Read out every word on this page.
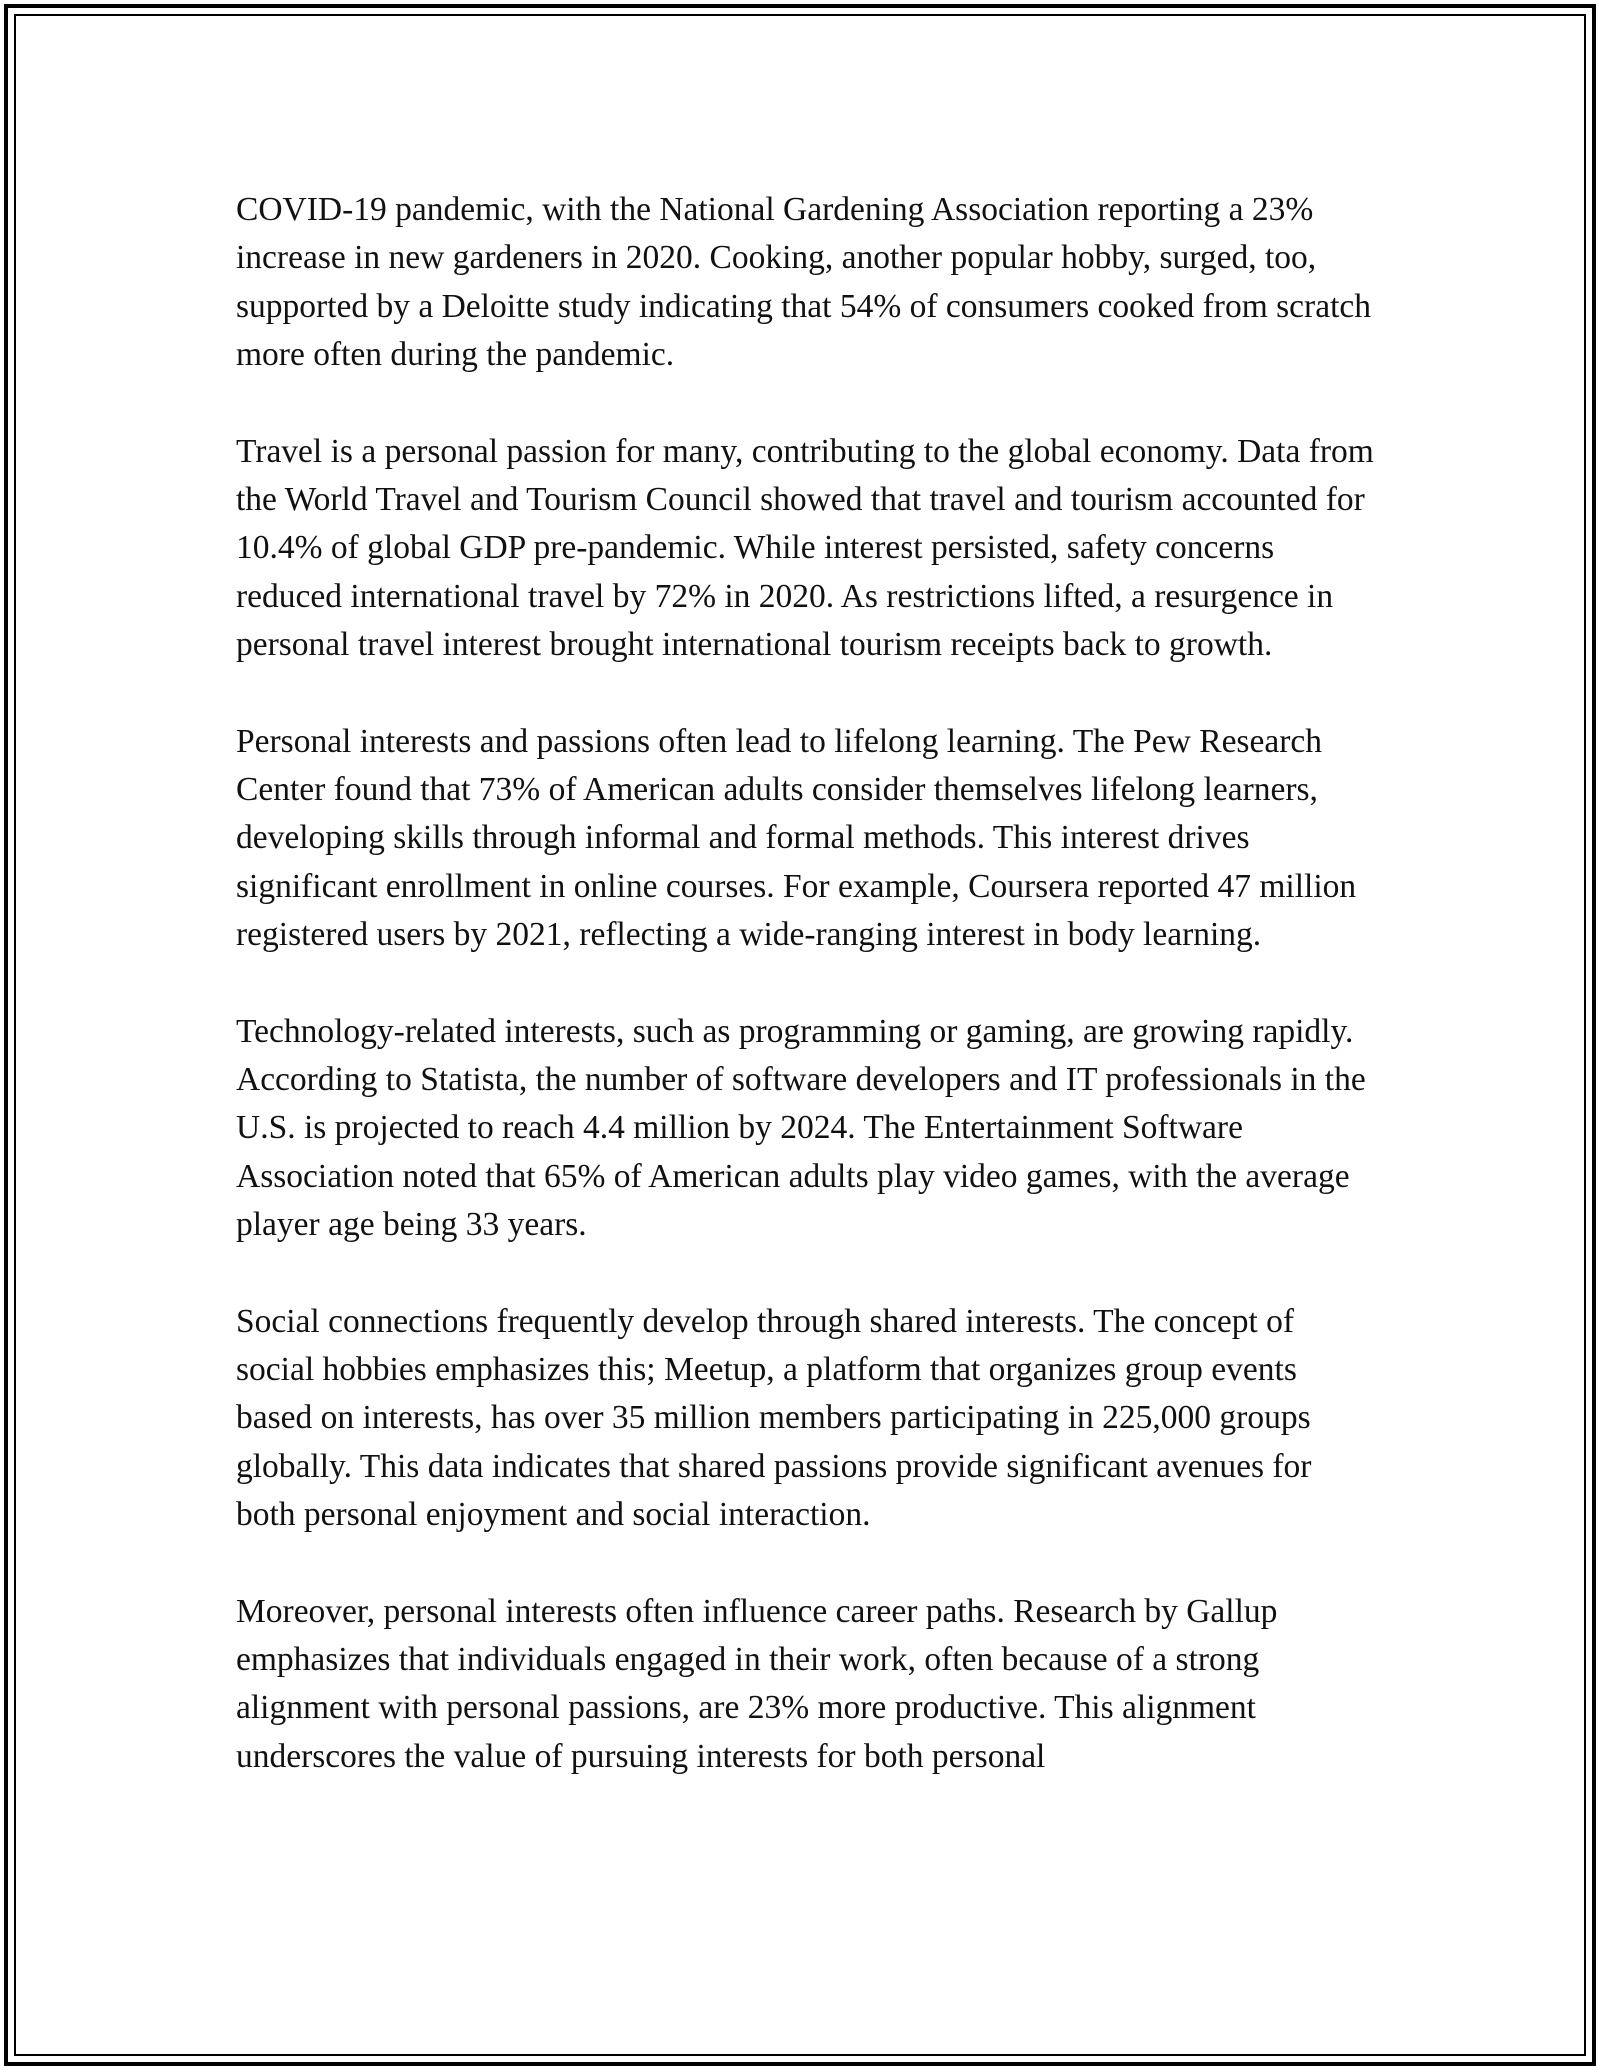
COVID-19 pandemic, with the National Gardening Association reporting a 23% increase in new gardeners in 2020. Cooking, another popular hobby, surged, too, supported by a Deloitte study indicating that 54% of consumers cooked from scratch more often during the pandemic.

Travel is a personal passion for many, contributing to the global economy. Data from the World Travel and Tourism Council showed that travel and tourism accounted for 10.4% of global GDP pre-pandemic. While interest persisted, safety concerns reduced international travel by 72% in 2020. As restrictions lifted, a resurgence in personal travel interest brought international tourism receipts back to growth.

Personal interests and passions often lead to lifelong learning. The Pew Research Center found that 73% of American adults consider themselves lifelong learners, developing skills through informal and formal methods. This interest drives significant enrollment in online courses. For example, Coursera reported 47 million registered users by 2021, reflecting a wide-ranging interest in body learning.

Technology-related interests, such as programming or gaming, are growing rapidly. According to Statista, the number of software developers and IT professionals in the U.S. is projected to reach 4.4 million by 2024. The Entertainment Software Association noted that 65% of American adults play video games, with the average player age being 33 years.

Social connections frequently develop through shared interests. The concept of social hobbies emphasizes this; Meetup, a platform that organizes group events based on interests, has over 35 million members participating in 225,000 groups globally. This data indicates that shared passions provide significant avenues for both personal enjoyment and social interaction.

Moreover, personal interests often influence career paths. Research by Gallup emphasizes that individuals engaged in their work, often because of a strong alignment with personal passions, are 23% more productive. This alignment underscores the value of pursuing interests for both personal
